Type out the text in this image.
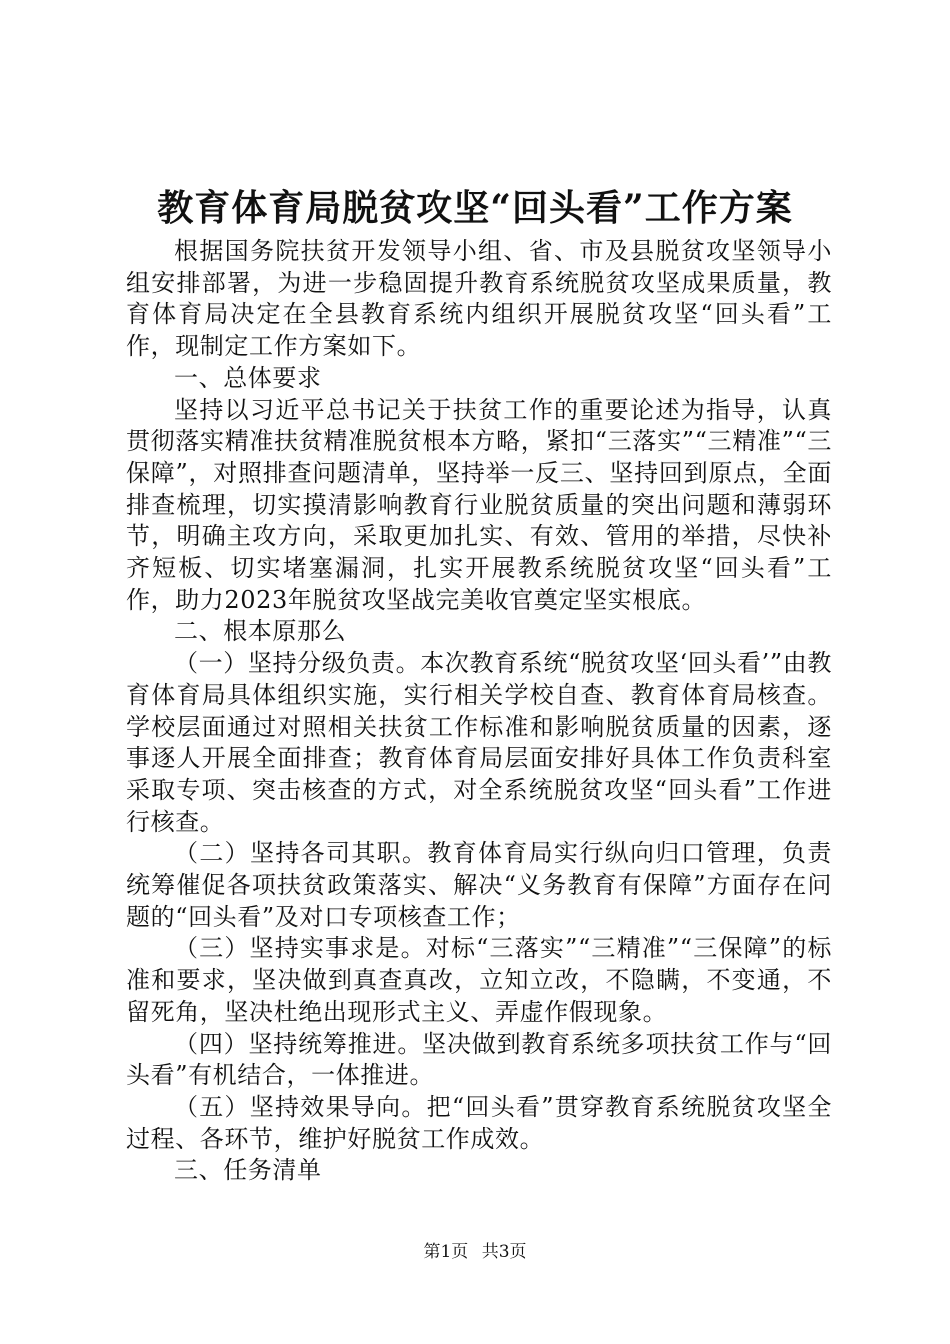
教育体育局脱贫攻坚“回头看”工作方案

根据国务院扶贫开发领导小组、省、市及县脱贫攻坚领导小组安排部署，为进一步稳固提升教育系统脱贫攻坚成果质量，教育体育局决定在全县教育系统内组织开展脱贫攻坚“回头看”工作，现制定工作方案如下。

一、总体要求

坚持以习近平总书记关于扶贫工作的重要论述为指导，认真贯彻落实精准扶贫精准脱贫根本方略，紧扣“三落实”“三精准”“三保障”，对照排查问题清单，坚持举一反三、坚持回到原点，全面排查梳理，切实摸清影响教育行业脱贫质量的突出问题和薄弱环节，明确主攻方向，采取更加扎实、有效、管用的举措，尽快补齐短板、切实堵塞漏洞，扎实开展教系统脱贫攻坚“回头看”工作，助力2023年脱贫攻坚战完美收官奠定坚实根底。

二、根本原那么

（一）坚持分级负责。本次教育系统“脱贫攻坚‘回头看’”由教育体育局具体组织实施，实行相关学校自查、教育体育局核查。学校层面通过对照相关扶贫工作标准和影响脱贫质量的因素，逐事逐人开展全面排查；教育体育局层面安排好具体工作负责科室采取专项、突击核查的方式，对全系统脱贫攻坚“回头看”工作进行核查。

（二）坚持各司其职。教育体育局实行纵向归口管理，负责统筹催促各项扶贫政策落实、解决“义务教育有保障”方面存在问题的“回头看”及对口专项核查工作；

（三）坚持实事求是。对标“三落实”“三精准”“三保障”的标准和要求，坚决做到真查真改，立知立改，不隐瞒，不变通，不留死角，坚决杜绝出现形式主义、弄虚作假现象。

（四）坚持统筹推进。坚决做到教育系统多项扶贫工作与“回头看”有机结合，一体推进。

（五）坚持效果导向。把“回头看”贯穿教育系统脱贫攻坚全过程、各环节，维护好脱贫工作成效。

三、任务清单

第1页 共3页
